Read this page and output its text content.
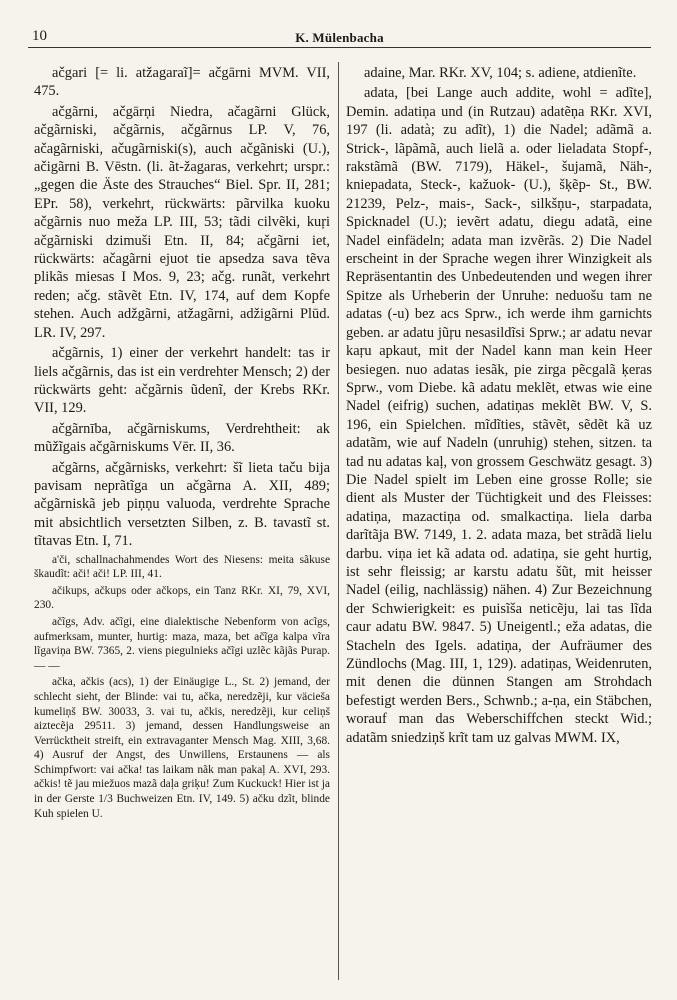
10	K. Mülenbacha

ačgari [= li. atžagaraĩ]= ačgārni MVM. VII, 475.

ačgãrni, ačgārņi Niedra, ačagãrni Glück, ačgãrniski, ačgãrnis, ačgãrnus LP. V, 76, ačagãrniski, ačugãrniski(s), auch ačgãniski (U.), ačigãrni B. Vēstn. (li. ãt-žagaras, verkehrt; urspr.: „gegen die Äste des Strauches“ Biel. Spr. II, 281; EPr. 58), verkehrt, rückwärts: pãrvilka kuoku ačgãrnis nuo meža LP. III, 53; tãdi cilvẽki, kuŗi ačgãrniski dzimuši Etn. II, 84; ačgãrni iet, rückwärts: ačagãrni ejuot tie apsedza sava tẽva plikãs miesas I Mos. 9, 23; ačg. runãt, verkehrt reden; ačg. stãvẽt Etn. IV, 174, auf dem Kopfe stehen. Auch adžgãrni, atžagãrni, adžigãrni Plūd. LR. IV, 297.

ačgãrnis, 1) einer der verkehrt handelt: tas ir liels ačgãrnis, das ist ein verdrehter Mensch; 2) der rückwärts geht: ačgãrnis ũdenĩ, der Krebs RKr. VII, 129.

ačgãrnība, ačgãrniskums, Verdrehtheit: ak mũžĩgais ačgãrniskums Vēr. II, 36.

ačgãrns, ačgãrnisks, verkehrt: šĩ lieta taču bija pavisam neprãtĩga un ačgãrna A. XII, 489; ačgãrniskã jeb piņņu valuoda, verdrehte Sprache mit absichtlich versetzten Silben, z. B. tavastĩ st. tĩtavas Etn. I, 71.

a'či, schallnachahmendes Wort des Niesens: meita sãkuse škaudĩt: ači! ači! LP. III, 41.

ačikups, ačkups oder ačkops, ein Tanz RKr. XI, 79, XVI, 230.

ačĩgs, Adv. ačĩgi, eine dialektische Nebenform von acĩgs, aufmerksam, munter, hurtig: maza, maza, bet ačĩga kalpa vĩra lĩgaviņa BW. 7365, 2. viens piegulnieks ačĩgi uzlẽc kãjãs Purap. — —

ačka, ačkis (acs), 1) der Einäugige L., St. 2) jemand, der schlecht sieht, der Blinde: vai tu, ačka, neredzẽji, kur väcieša kumeliņš BW. 30033, 3. vai tu, ačkis, neredzẽji, kur celiņš aiztecẽja 29511. 3) jemand, dessen Handlungsweise an Verrücktheit streift, ein extravaganter Mensch Mag. XIII, 3,68. 4) Ausruf der Angst, des Unwillens, Erstaunens — als Schimpfwort: vai ačka! tas laikam nãk man pakaļ A. XVI, 293. ačkis! tẽ jau miežuos mazã daļa griķu! Zum Kuckuck! Hier ist ja in der Gerste 1/3 Buchweizen Etn. IV, 149. 5) ačku dzĩt, blinde Kuh spielen U.

adaine, Mar. RKr. XV, 104; s. adiene, atdienĩte.

adata, [bei Lange auch addite, wohl = adĩte], Demin. adatiņa und (in Rutzau) adatẽņa RKr. XVI, 197 (li. adatà; zu adĩt), 1) die Nadel; adãmã a. Strick-, lãpãmã, auch lielã a. oder lieladata Stopf-, rakstãmã (BW. 7179), Häkel-, šujamã, Näh-, kniepadata, Steck-, kažuok- (U.), šķẽp- St., BW. 21239, Pelz-, mais-, Sack-, silkšņu-, starpadata, Spicknadel (U.); ievẽrt adatu, diegu adatã, eine Nadel einfädeln; adata man izvẽrãs. 2) Die Nadel erscheint in der Sprache wegen ihrer Winzigkeit als Repräsentantin des Unbedeutenden und wegen ihrer Spitze als Urheberin der Unruhe: neduošu tam ne adatas (-u) bez acs Sprw., ich werde ihm garnichts geben. ar adatu jũŗu nesasildĩsi Sprw.; ar adatu nevar kaŗu apkaut, mit der Nadel kann man kein Heer besiegen. nuo adatas iesãk, pie zirga pẽcgalã ķeras Sprw., vom Diebe. kã adatu meklẽt, etwas wie eine Nadel (eifrig) suchen, adatiņas meklẽt BW. V, S. 196, ein Spielchen. mĩdĩties, stãvẽt, sẽdẽt kã uz adatãm, wie auf Nadeln (unruhig) stehen, sitzen. ta tad nu adatas kaļ, von grossem Geschwätz gesagt. 3) Die Nadel spielt im Leben eine grosse Rolle; sie dient als Muster der Tüchtigkeit und des Fleisses: adatiņa, mazactiņa od. smalkactiņa. liela darba darĩtãja BW. 7149, 1. 2. adata maza, bet strãdã lielu darbu. viņa iet kã adata od. adatiņa, sie geht hurtig, ist sehr fleissig; ar karstu adatu šũt, mit heisser Nadel (eilig, nachlässig) nähen. 4) Zur Bezeichnung der Schwierigkeit: es puisĩša neticẽju, lai tas lĩda caur adatu BW. 9847. 5) Uneigentl.; eža adatas, die Stacheln des Igels. adatiņa, der Aufräumer des Zündlochs (Mag. III, 1, 129). adatiņas, Weidenruten, mit denen die dünnen Stangen am Strohdach befestigt werden Bers., Schwnb.; a-ņa, ein Stäbchen, worauf man das Weberschiffchen steckt Wid.; adatãm sniedziņš krĩt tam uz galvas MWM. IX,
